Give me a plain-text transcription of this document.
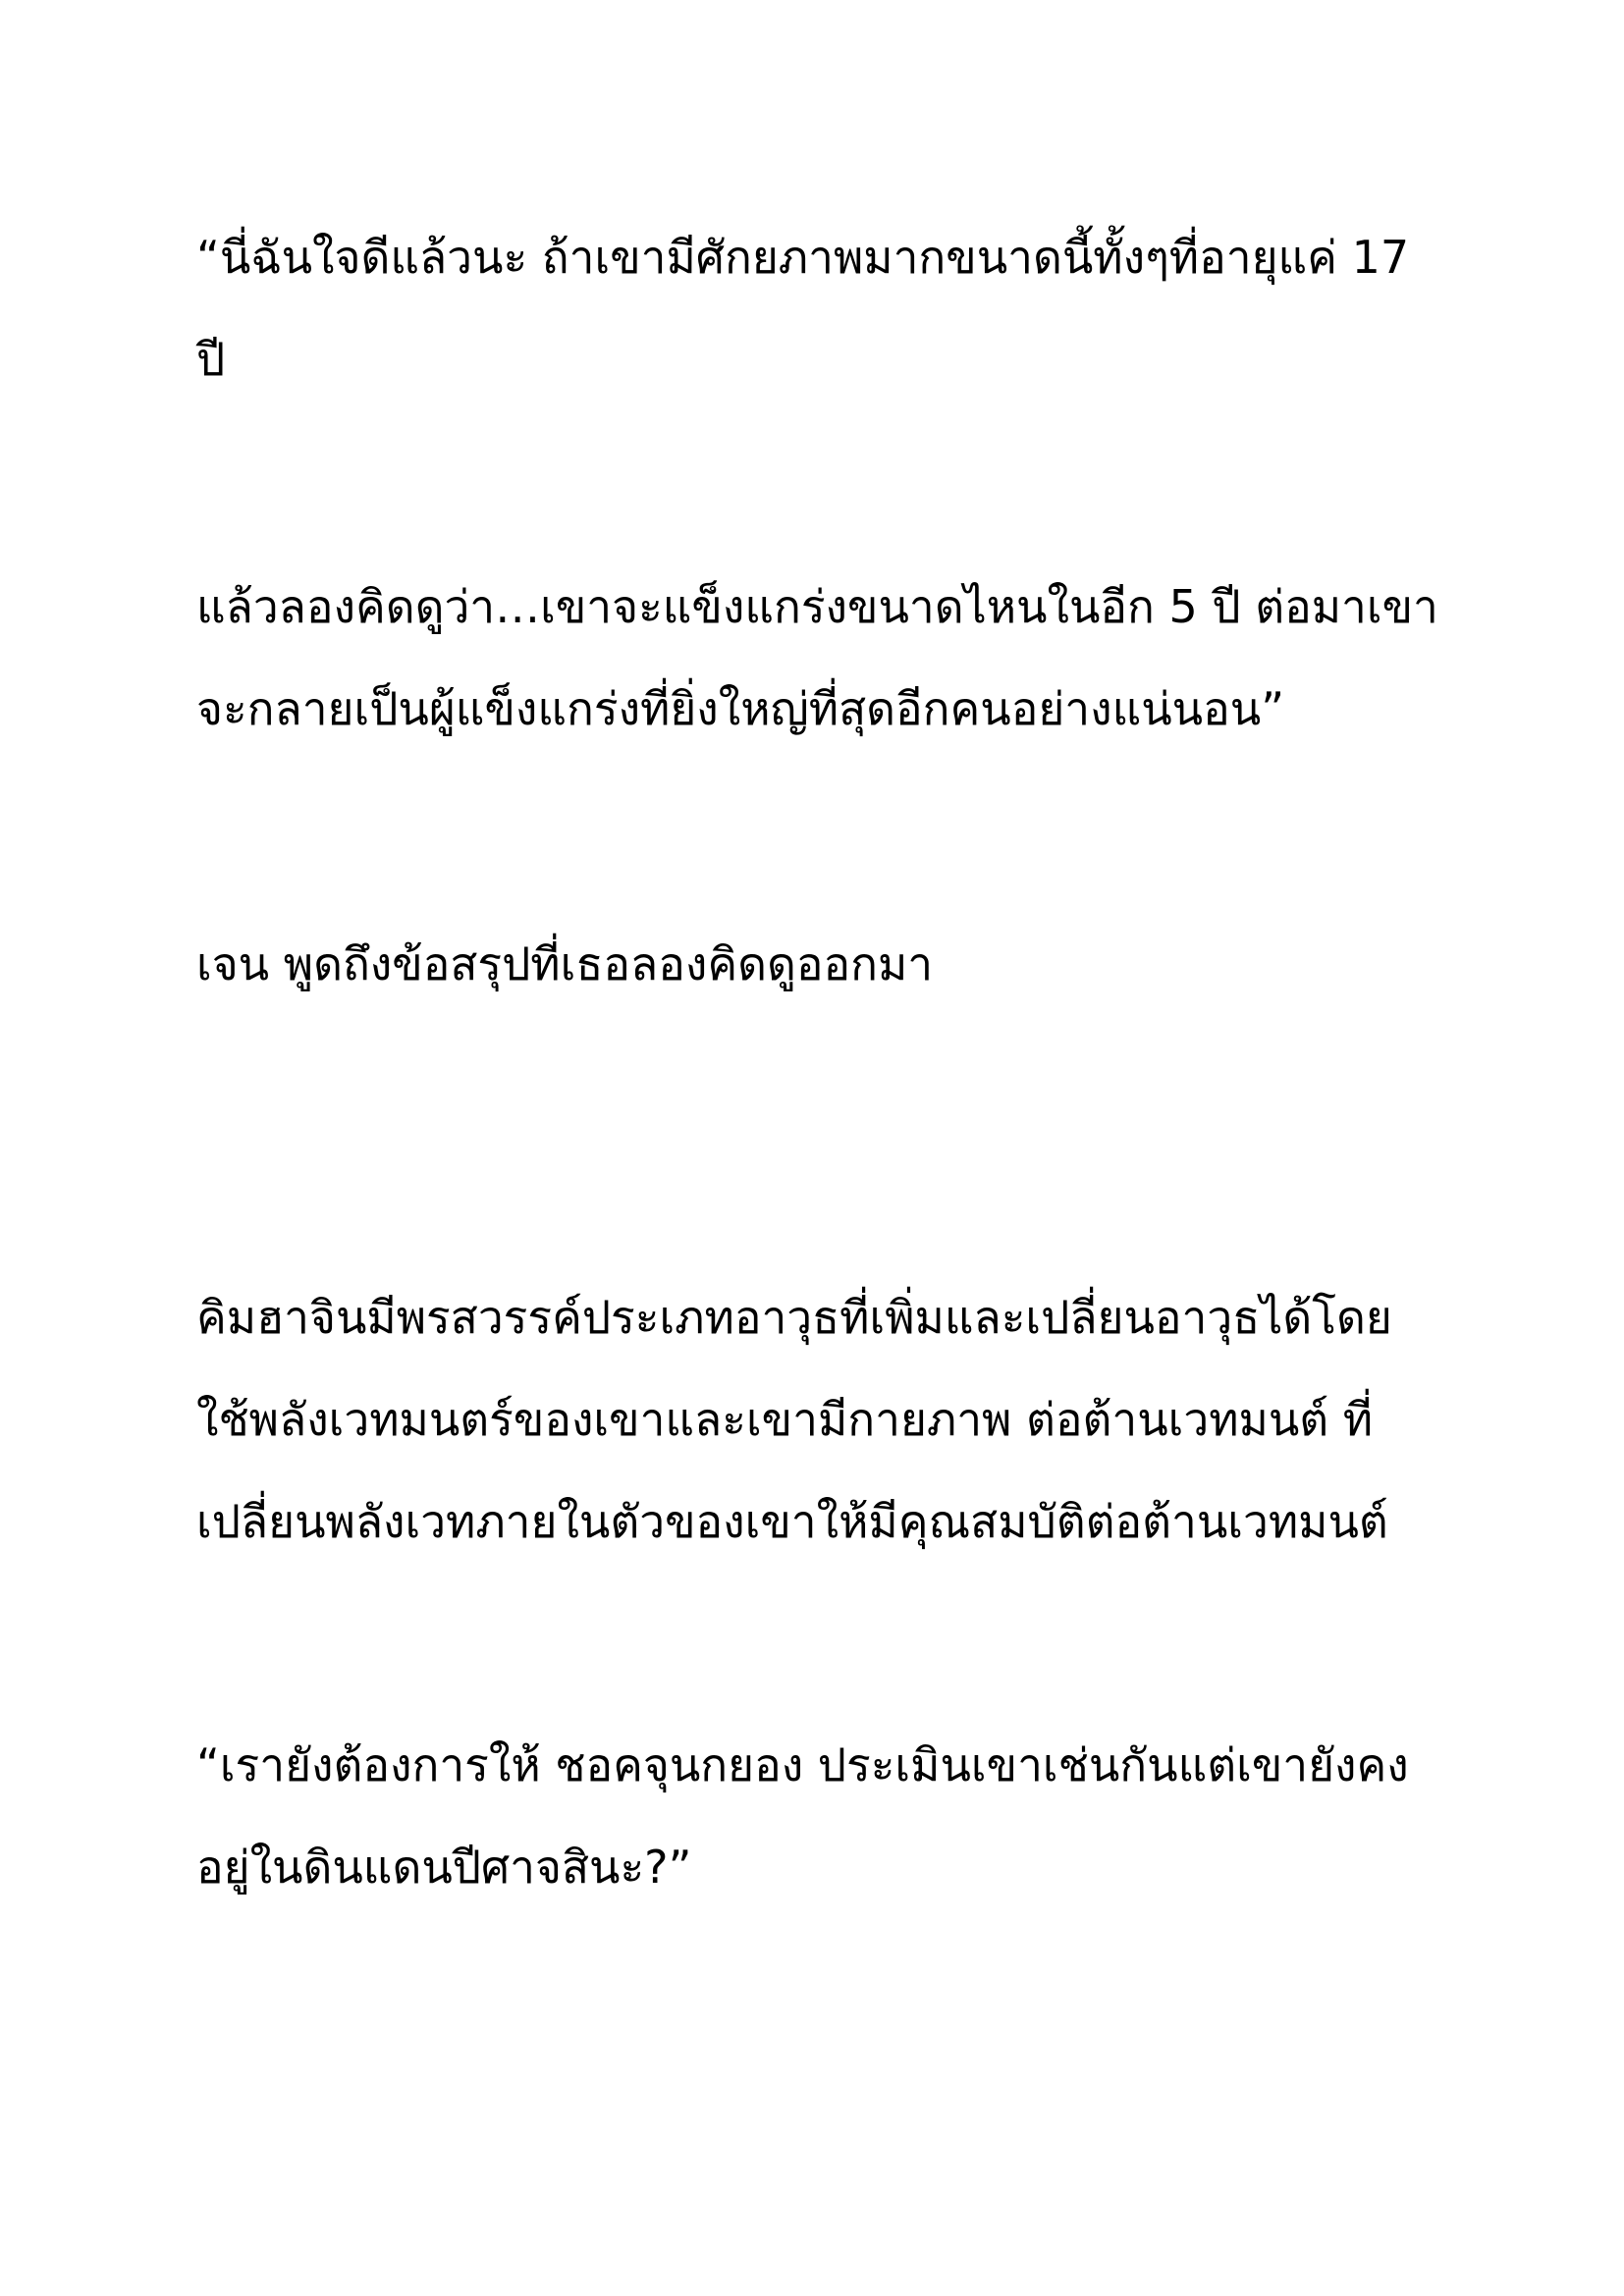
“นี่ฉันใจดีแล้วนะ ถ้าเขามีศักยภาพมากขนาดนี้ทั้งๆที่อายุแค่ 17
ปี

แล้วลองคิดดูว่า…เขาจะแข็งแกร่งขนาดไหนในอีก 5 ปี ต่อมาเขา
จะกลายเป็นผู้แข็งแกร่งที่ยิ่งใหญ่ที่สุดอีกคนอย่างแน่นอน”

เจน พูดถึงข้อสรุปที่เธอลองคิดดูออกมา

คิมฮาจินมีพรสวรรค์ประเภทอาวุธที่เพิ่มและเปลี่ยนอาวุธได้โดย
ใช้พลังเวทมนตร์ของเขาและเขามีกายภาพ ต่อต้านเวทมนต์ ที่
เปลี่ยนพลังเวทภายในตัวของเขาให้มีคุณสมบัติต่อต้านเวทมนต์

“เรายังต้องการให้ ชอคจุนกยอง ประเมินเขาเช่นกันแต่เขายังคง
อยู่ในดินแดนปีศาจสินะ?”
